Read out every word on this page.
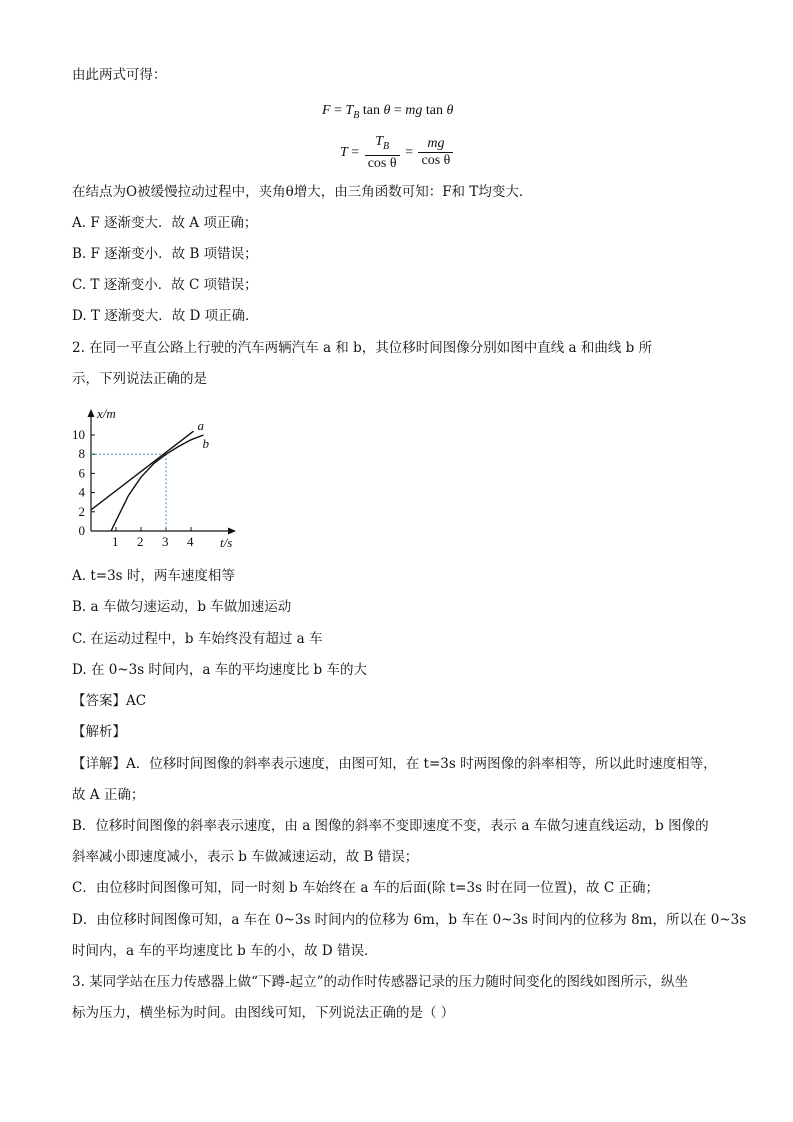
由此两式可得：
$F = T_B$ tan θ = mg tan θ
$T = \frac{T_B}{\text{cos θ}} = \frac{mg}{\text{cos θ}}$
在结点为O被缓慢拉动过程中，夹角θ增大，由三角函数可知：F和 T均变大．
A. F 逐渐变大．故 A 项正确；
B. F 逐渐变小．故 B 项错误；
C. T 逐渐变小．故 C 项错误；
D. T 逐渐变大．故 D 项正确．
2. 在同一平直公路上行驶的汽车两辆汽车 a 和 b，其位移时间图像分别如图中直线 a 和曲线 b 所
示，下列说法正确的是
1 2 3 4
0
2
4
6
8
10
a
b
x/m
t/s
A. t=3s 时，两车速度相等
B. a 车做匀速运动，b 车做加速运动
C. 在运动过程中，b 车始终没有超过 a 车
D. 在 0~3s 时间内，a 车的平均速度比 b 车的大
【答案】AC
【解析】
【详解】A．位移时间图像的斜率表示速度，由图可知，在 t=3s 时两图像的斜率相等，所以此时速度相等，
故 A 正确；
B．位移时间图像的斜率表示速度，由 a 图像的斜率不变即速度不变，表示 a 车做匀速直线运动，b 图像的
斜率减小即速度减小，表示 b 车做减速运动，故 B 错误；
C．由位移时间图像可知，同一时刻 b 车始终在 a 车的后面(除 t=3s 时在同一位置)，故 C 正确；
D．由位移时间图像可知，a 车在 0~3s 时间内的位移为 6m，b 车在 0~3s 时间内的位移为 8m，所以在 0~3s
时间内，a 车的平均速度比 b 车的小，故 D 错误．
3. 某同学站在压力传感器上做“下蹲-起立”的动作时传感器记录的压力随时间变化的图线如图所示，纵坐
标为压力，横坐标为时间。由图线可知，下列说法正确的是（ ）
